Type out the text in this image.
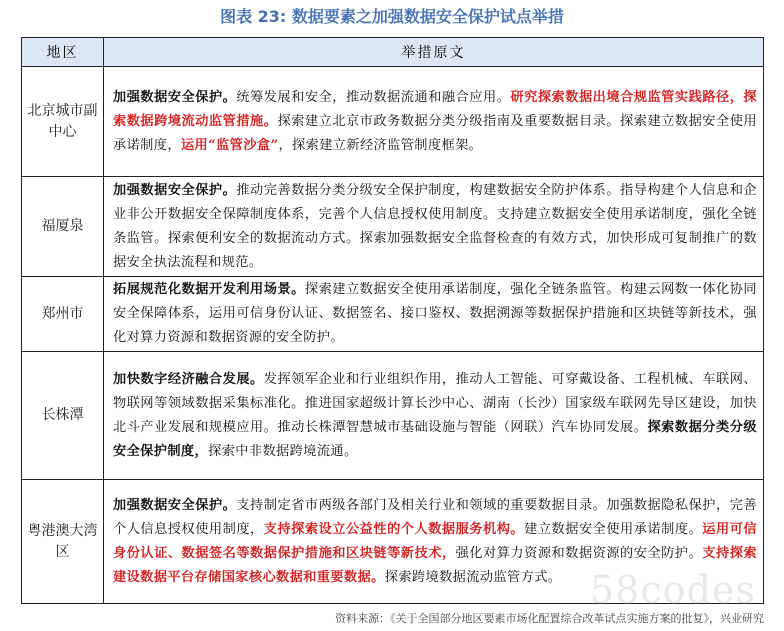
图表 23: 数据要素之加强数据安全保护试点举措
地区	举措原文
北京城市副中心	加强数据安全保护。统筹发展和安全，推动数据流通和融合应用。研究探索数据出境合规监管实践路径，探索数据跨境流动监管措施。探索建立北京市政务数据分类分级指南及重要数据目录。探索建立数据安全使用承诺制度，运用“监管沙盒”，探索建立新经济监管制度框架。
福厦泉	加强数据安全保护。推动完善数据分类分级安全保护制度，构建数据安全防护体系。指导构建个人信息和企业非公开数据安全保障制度体系，完善个人信息授权使用制度。支持建立数据安全使用承诺制度，强化全链条监管。探索便利安全的数据流动方式。探索加强数据安全监督检查的有效方式，加快形成可复制推广的数据安全执法流程和规范。
郑州市	拓展规范化数据开发利用场景。探索建立数据安全使用承诺制度，强化全链条监管。构建云网数一体化协同安全保障体系，运用可信身份认证、数据签名、接口鉴权、数据溯源等数据保护措施和区块链等新技术，强化对算力资源和数据资源的安全防护。
长株潭	加快数字经济融合发展。发挥领军企业和行业组织作用，推动人工智能、可穿戴设备、工程机械、车联网、物联网等领域数据采集标准化。推进国家超级计算长沙中心、湖南（长沙）国家级车联网先导区建设，加快北斗产业发展和规模应用。推动长株潭智慧城市基础设施与智能（网联）汽车协同发展。探索数据分类分级安全保护制度，探索中非数据跨境流通。
粤港澳大湾区	加强数据安全保护。支持制定省市两级各部门及相关行业和领域的重要数据目录。加强数据隐私保护，完善个人信息授权使用制度，支持探索设立公益性的个人数据服务机构。建立数据安全使用承诺制度。运用可信身份认证、数据签名等数据保护措施和区块链等新技术，强化对算力资源和数据资源的安全防护。支持探索建设数据平台存储国家核心数据和重要数据。探索跨境数据流动监管方式。 58codes
资料来源：《关于全国部分地区要素市场化配置综合改革试点实施方案的批复》，兴业研究
